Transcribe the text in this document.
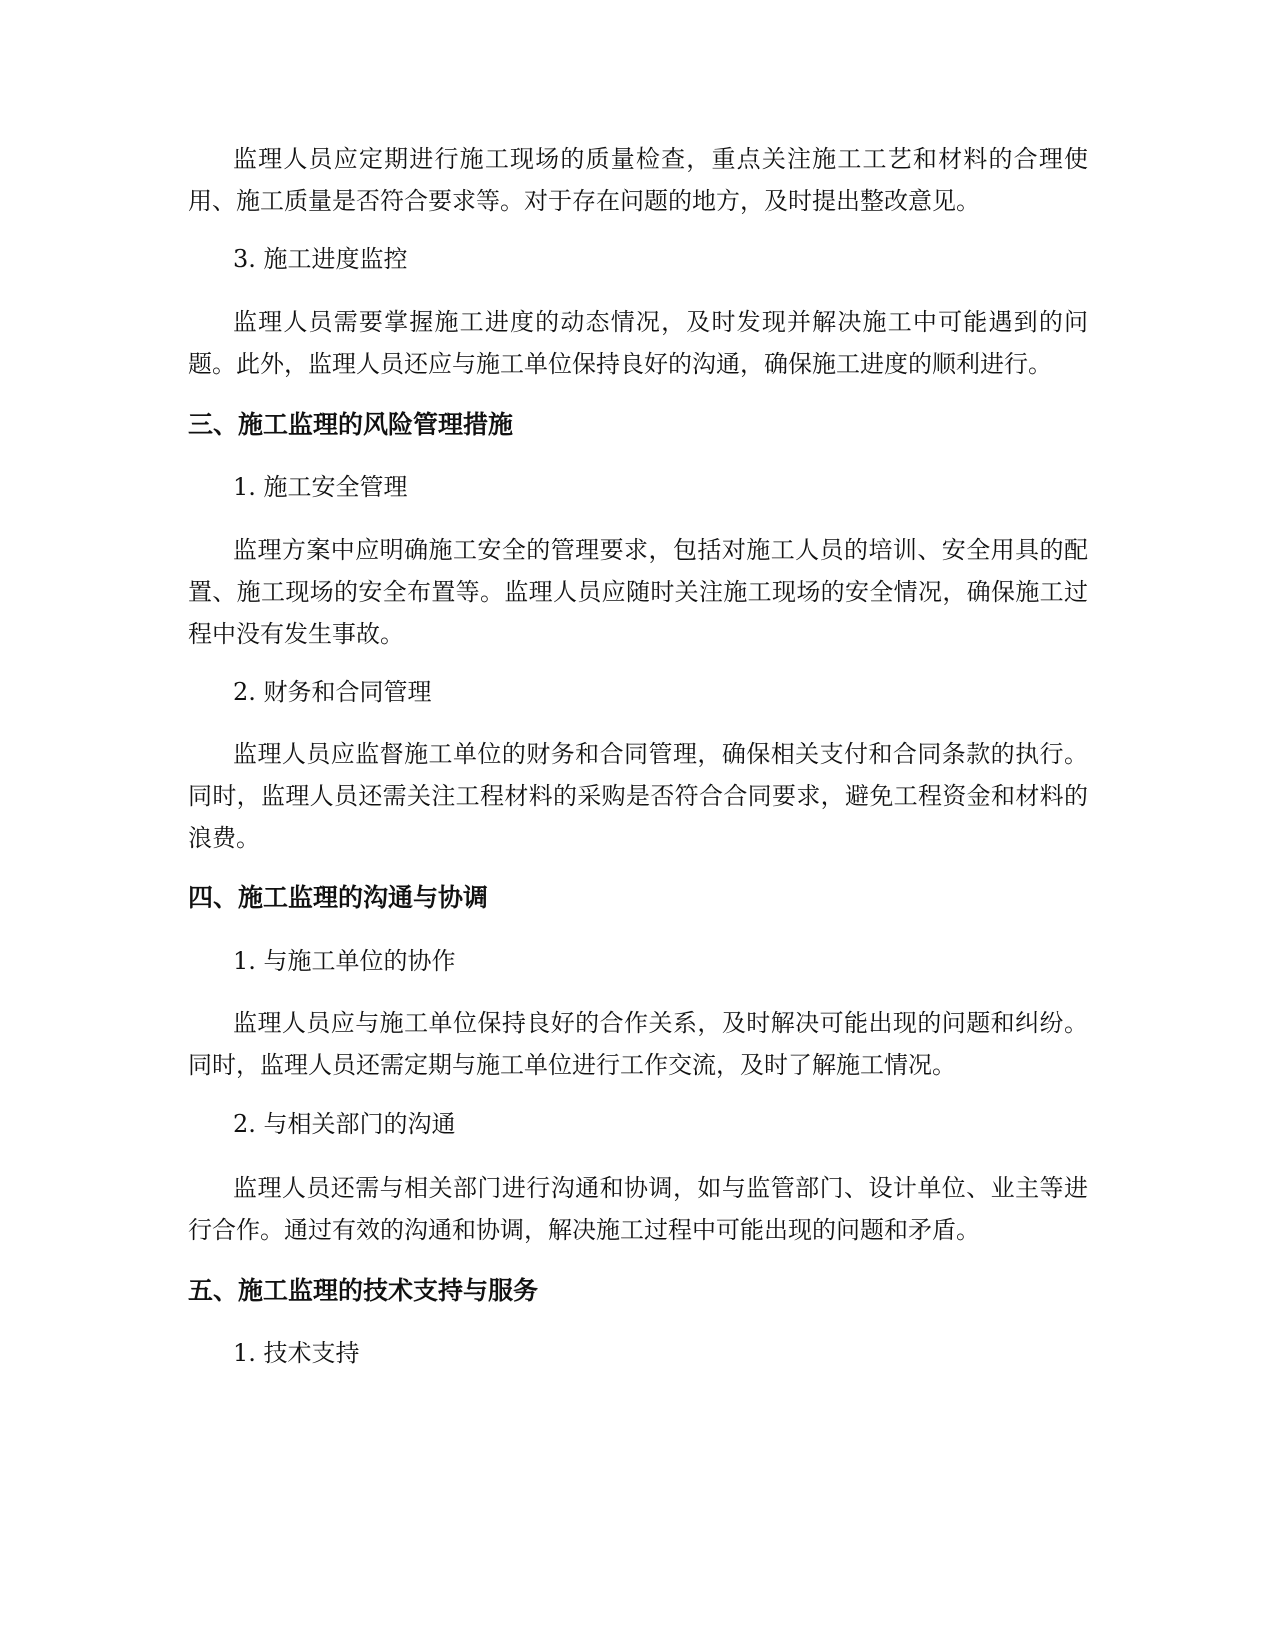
监理人员应定期进行施工现场的质量检查，重点关注施工工艺和材料的合理使用、施工质量是否符合要求等。对于存在问题的地方，及时提出整改意见。

3. 施工进度监控

监理人员需要掌握施工进度的动态情况，及时发现并解决施工中可能遇到的问题。此外，监理人员还应与施工单位保持良好的沟通，确保施工进度的顺利进行。

三、施工监理的风险管理措施

1. 施工安全管理

监理方案中应明确施工安全的管理要求，包括对施工人员的培训、安全用具的配置、施工现场的安全布置等。监理人员应随时关注施工现场的安全情况，确保施工过程中没有发生事故。

2. 财务和合同管理

监理人员应监督施工单位的财务和合同管理，确保相关支付和合同条款的执行。同时，监理人员还需关注工程材料的采购是否符合合同要求，避免工程资金和材料的浪费。

四、施工监理的沟通与协调

1. 与施工单位的协作

监理人员应与施工单位保持良好的合作关系，及时解决可能出现的问题和纠纷。同时，监理人员还需定期与施工单位进行工作交流，及时了解施工情况。

2. 与相关部门的沟通

监理人员还需与相关部门进行沟通和协调，如与监管部门、设计单位、业主等进行合作。通过有效的沟通和协调，解决施工过程中可能出现的问题和矛盾。

五、施工监理的技术支持与服务

1. 技术支持
